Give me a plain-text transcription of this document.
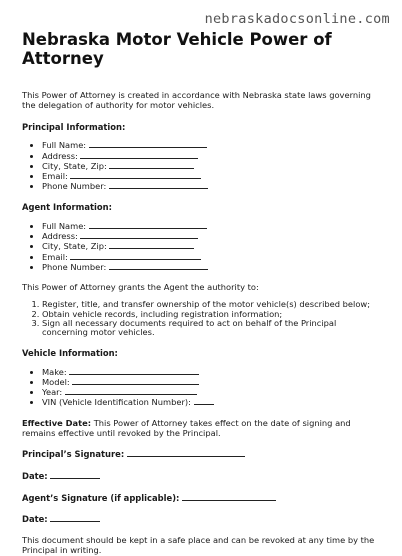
nebraskadocsonline.com
Nebraska Motor Vehicle Power of Attorney

This Power of Attorney is created in accordance with Nebraska state laws governing the delegation of authority for motor vehicles.

Principal Information:
• Full Name:
• Address:
• City, State, Zip:
• Email:
• Phone Number:
Agent Information:
• Full Name:
• Address:
• City, State, Zip:
• Email:
• Phone Number:

This Power of Attorney grants the Agent the authority to:

1. Register, title, and transfer ownership of the motor vehicle(s) described below;
2. Obtain vehicle records, including registration information;
3. Sign all necessary documents required to act on behalf of the Principal concerning motor vehicles.
Vehicle Information:
• Make:
• Model:
• Year:
• VIN (Vehicle Identification Number):

Effective Date: This Power of Attorney takes effect on the date of signing and remains effective until revoked by the Principal.

Principal’s Signature:
Date:
Agent’s Signature (if applicable):
Date:

This document should be kept in a safe place and can be revoked at any time by the Principal in writing.
